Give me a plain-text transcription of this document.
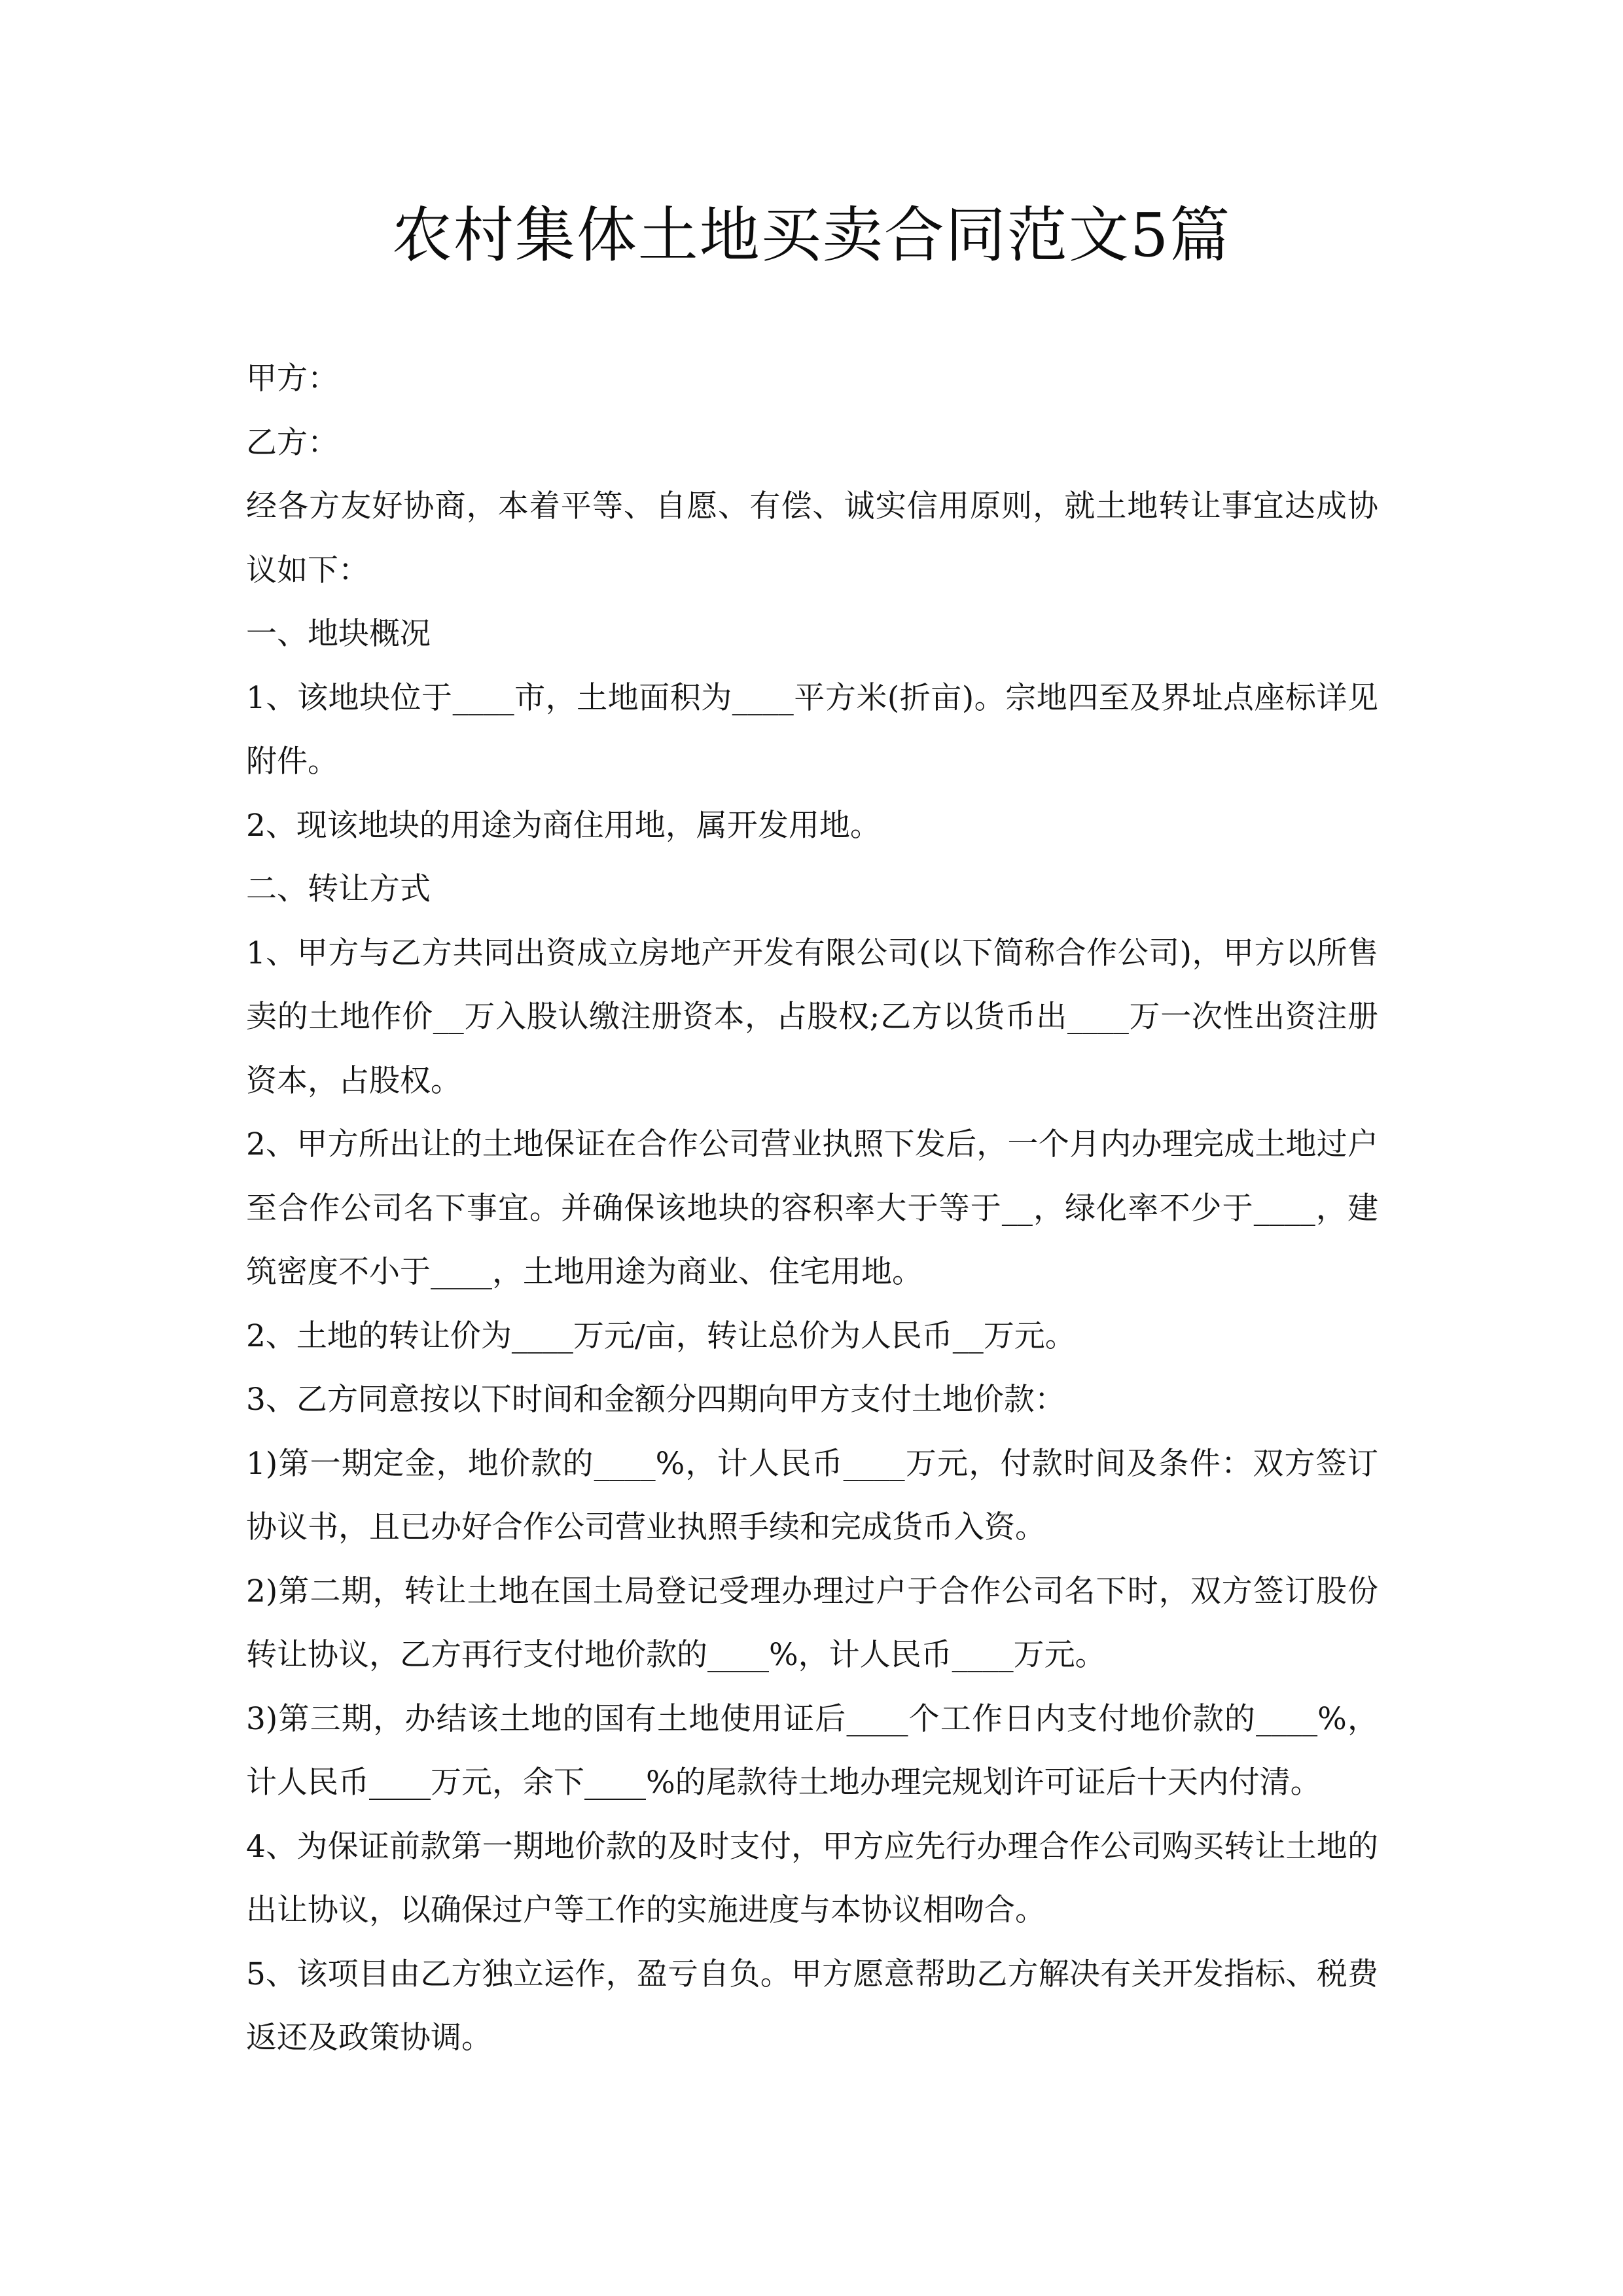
农村集体土地买卖合同范文5篇

甲方：

乙方：

经各方友好协商，本着平等、自愿、有偿、诚实信用原则，就土地转让事宜达成协议如下：

一、地块概况

1、该地块位于____市，土地面积为____平方米(折亩)。宗地四至及界址点座标详见附件。

2、现该地块的用途为商住用地，属开发用地。

二、转让方式

1、甲方与乙方共同出资成立房地产开发有限公司(以下简称合作公司)，甲方以所售卖的土地作价__万入股认缴注册资本，占股权;乙方以货币出____万一次性出资注册资本，占股权。

2、甲方所出让的土地保证在合作公司营业执照下发后，一个月内办理完成土地过户至合作公司名下事宜。并确保该地块的容积率大于等于__，绿化率不少于____，建筑密度不小于____，土地用途为商业、住宅用地。

2、土地的转让价为____万元/亩，转让总价为人民币__万元。

3、乙方同意按以下时间和金额分四期向甲方支付土地价款：

1)第一期定金，地价款的____%，计人民币____万元，付款时间及条件：双方签订协议书，且已办好合作公司营业执照手续和完成货币入资。

2)第二期，转让土地在国土局登记受理办理过户于合作公司名下时，双方签订股份转让协议，乙方再行支付地价款的____%，计人民币____万元。

3)第三期，办结该土地的国有土地使用证后____个工作日内支付地价款的____%，计人民币____万元，余下____%的尾款待土地办理完规划许可证后十天内付清。

4、为保证前款第一期地价款的及时支付，甲方应先行办理合作公司购买转让土地的出让协议，以确保过户等工作的实施进度与本协议相吻合。

5、该项目由乙方独立运作，盈亏自负。甲方愿意帮助乙方解决有关开发指标、税费返还及政策协调。
